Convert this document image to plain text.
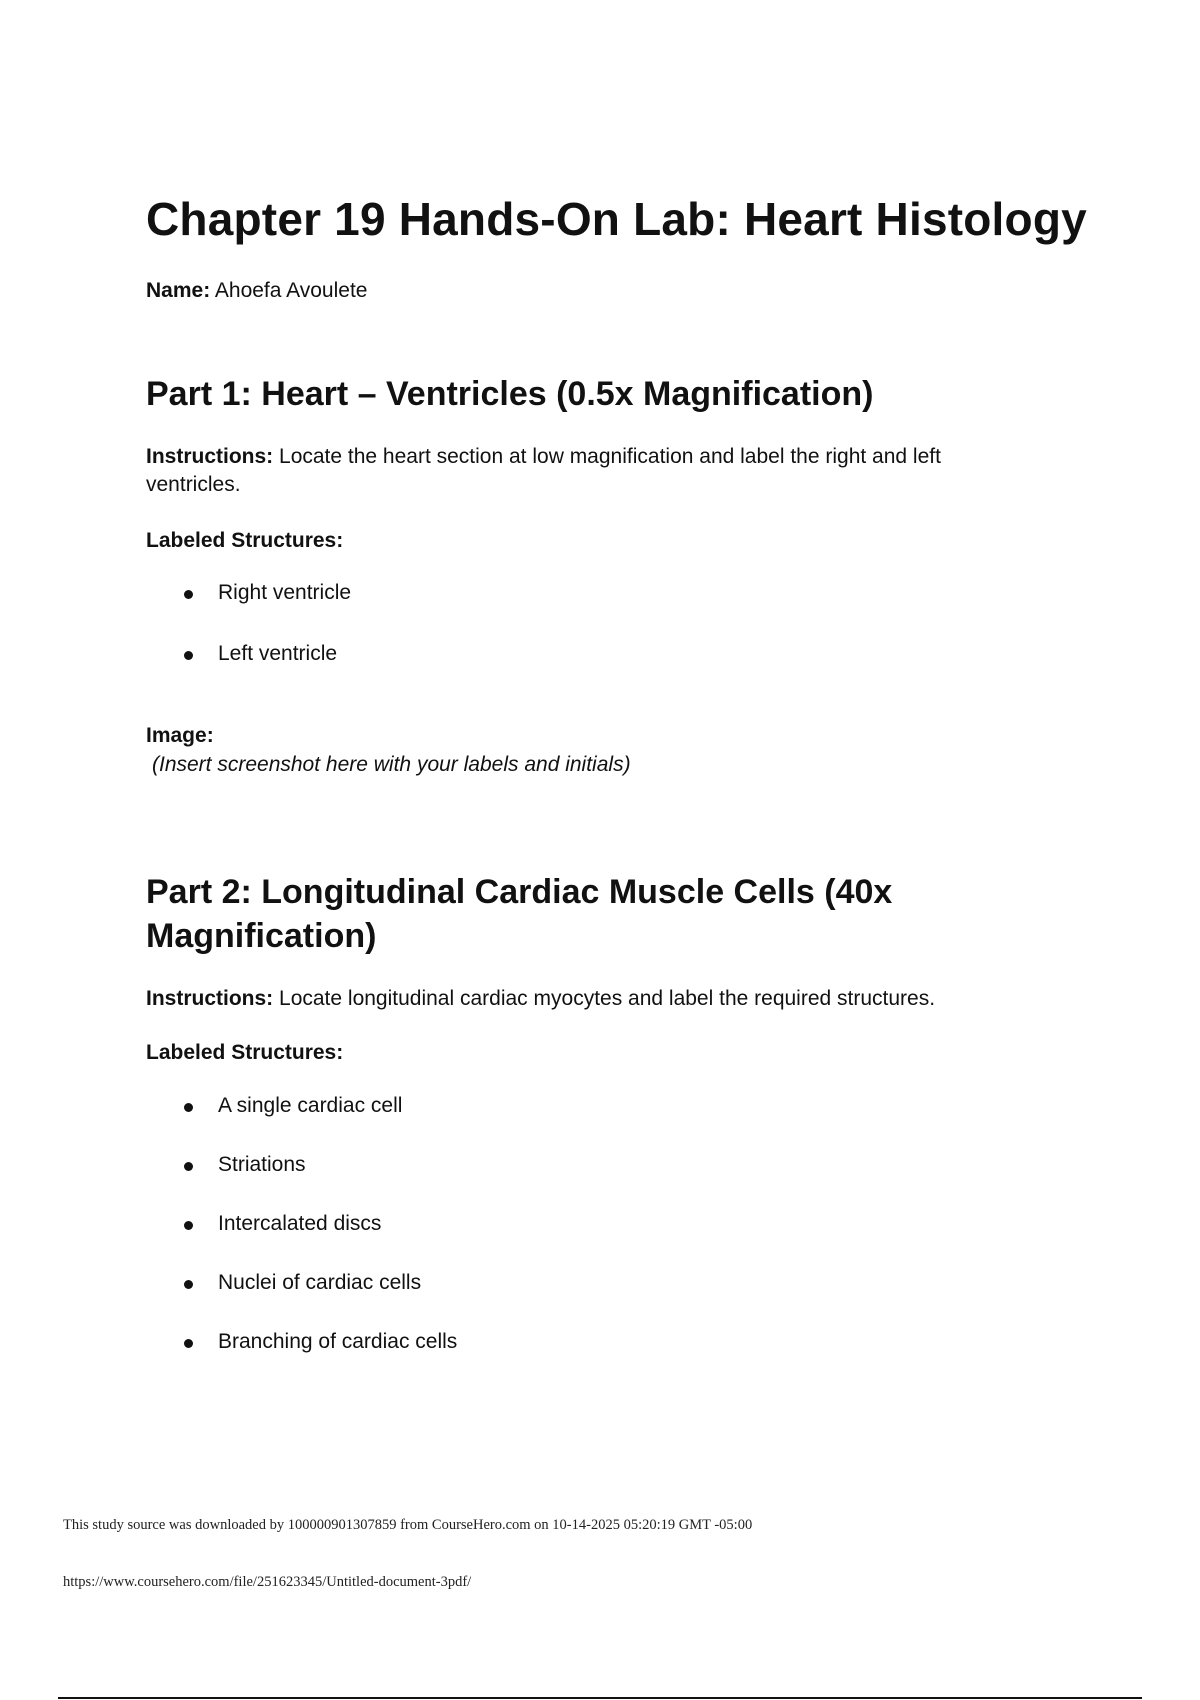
Chapter 19 Hands-On Lab: Heart Histology

Name: Ahoefa Avoulete

Part 1: Heart – Ventricles (0.5x Magnification)

Instructions: Locate the heart section at low magnification and label the right and left ventricles.

Labeled Structures:

Right ventricle
Left ventricle

Image:

(Insert screenshot here with your labels and initials)

Part 2: Longitudinal Cardiac Muscle Cells (40x Magnification)

Instructions: Locate longitudinal cardiac myocytes and label the required structures.

Labeled Structures:

A single cardiac cell
Striations
Intercalated discs
Nuclei of cardiac cells
Branching of cardiac cells

This study source was downloaded by 100000901307859 from CourseHero.com on 10-14-2025 05:20:19 GMT -05:00

https://www.coursehero.com/file/251623345/Untitled-document-3pdf/
